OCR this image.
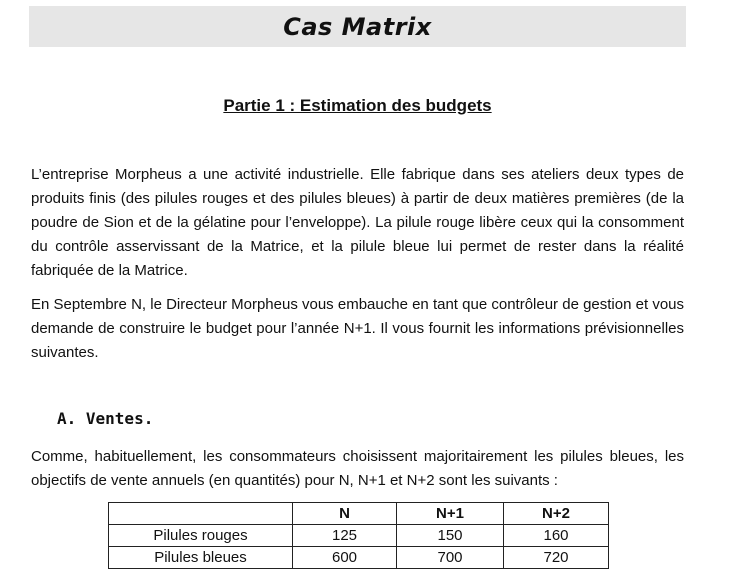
Cas Matrix
Partie 1 : Estimation des budgets

L’entreprise Morpheus a une activité industrielle. Elle fabrique dans ses ateliers deux types de produits finis (des pilules rouges et des pilules bleues) à partir de deux matières premières (de la poudre de Sion et de la gélatine pour l’enveloppe). La pilule rouge libère ceux qui la consomment du contrôle asservissant de la Matrice, et la pilule bleue lui permet de rester dans la réalité fabriquée de la Matrice.

En Septembre N, le Directeur Morpheus vous embauche en tant que contrôleur de gestion et vous demande de construire le budget pour l’année N+1. Il vous fournit les informations prévisionnelles suivantes.

A. Ventes.

Comme, habituellement, les consommateurs choisissent majoritairement les pilules bleues, les objectifs de vente annuels (en quantités) pour N, N+1 et N+2 sont les suivants :

	N	N+1	N+2
Pilules rouges	125	150	160
Pilules bleues	600	700	720
